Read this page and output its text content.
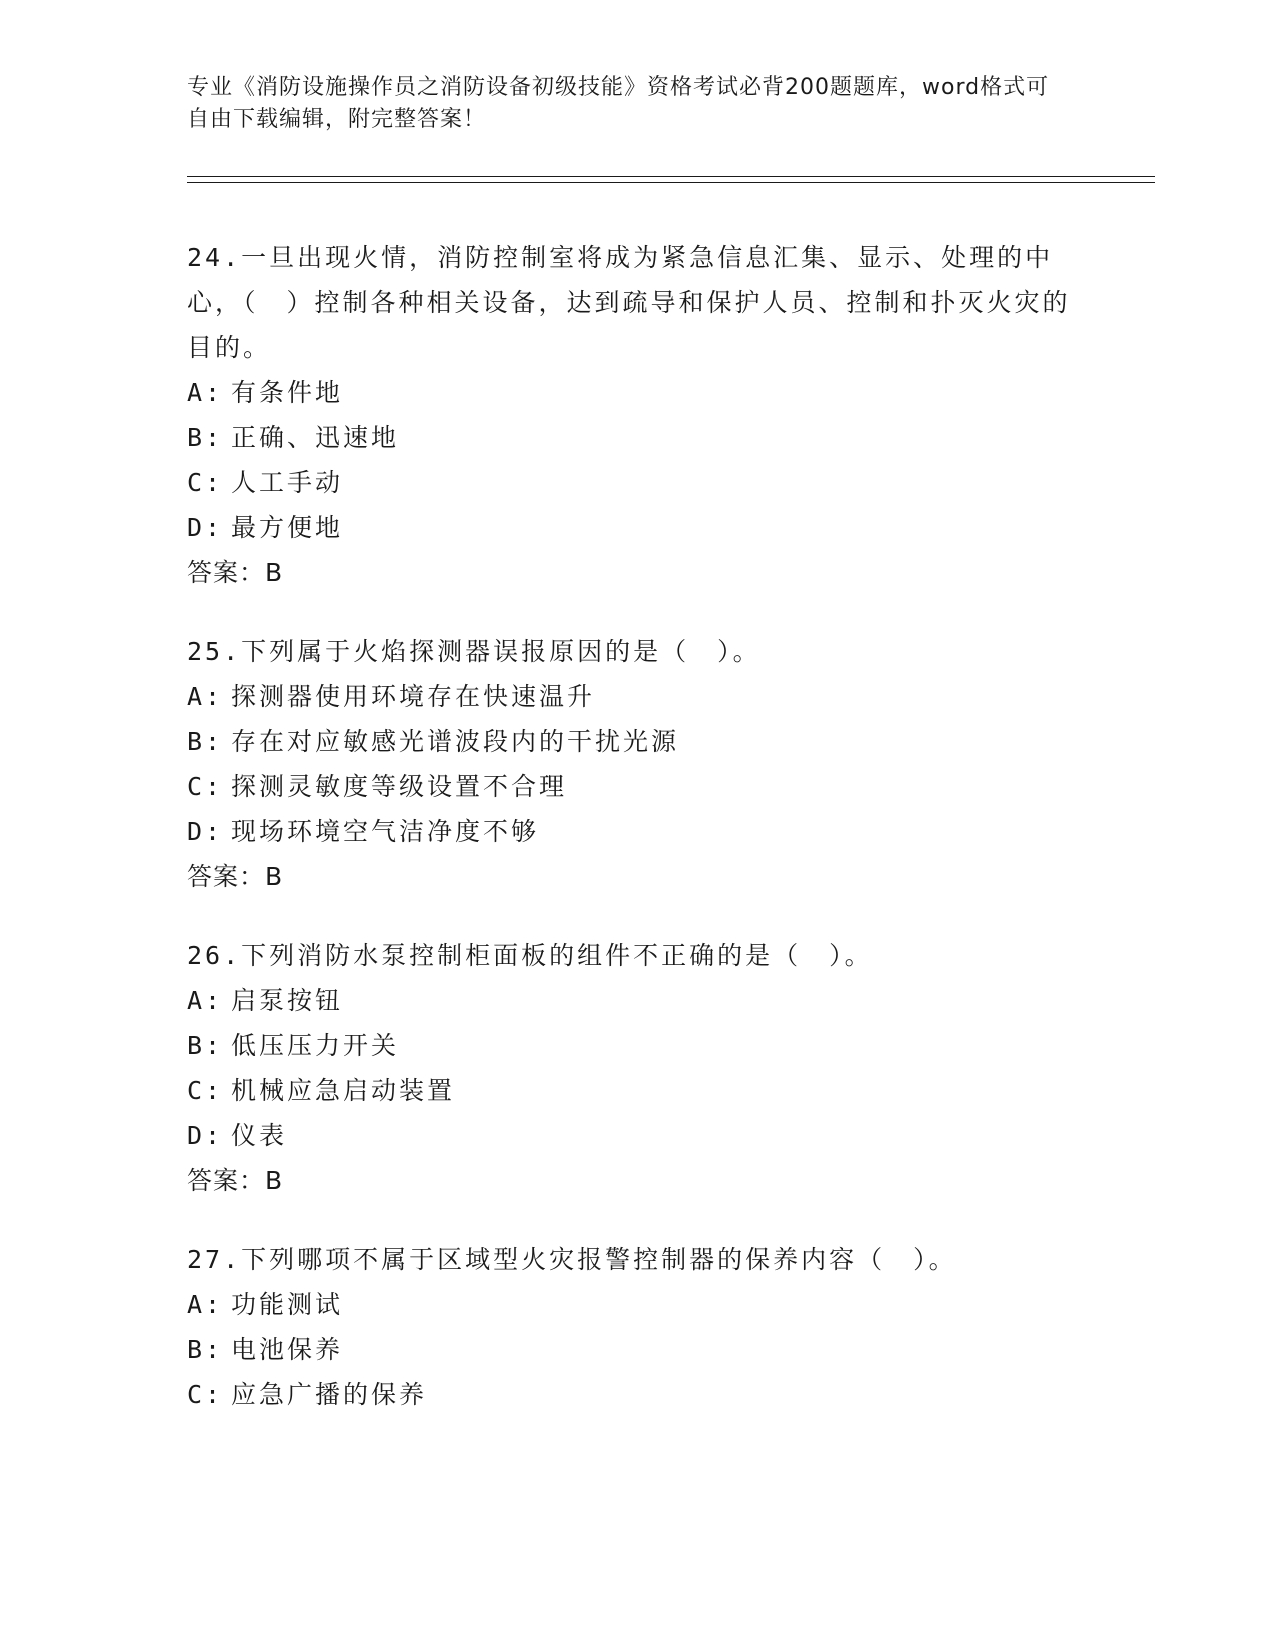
专业《消防设施操作员之消防设备初级技能》资格考试必背200题题库，word格式可自由下载编辑，附完整答案！
24.一旦出现火情，消防控制室将成为紧急信息汇集、显示、处理的中心，（　）控制各种相关设备，达到疏导和保护人员、控制和扑灭火灾的目的。
A: 有条件地
B: 正确、迅速地
C: 人工手动
D: 最方便地
答案：B
25.下列属于火焰探测器误报原因的是（　）。
A: 探测器使用环境存在快速温升
B: 存在对应敏感光谱波段内的干扰光源
C: 探测灵敏度等级设置不合理
D: 现场环境空气洁净度不够
答案：B
26.下列消防水泵控制柜面板的组件不正确的是（　）。
A: 启泵按钮
B: 低压压力开关
C: 机械应急启动装置
D: 仪表
答案：B
27.下列哪项不属于区域型火灾报警控制器的保养内容（　）。
A: 功能测试
B: 电池保养
C: 应急广播的保养
